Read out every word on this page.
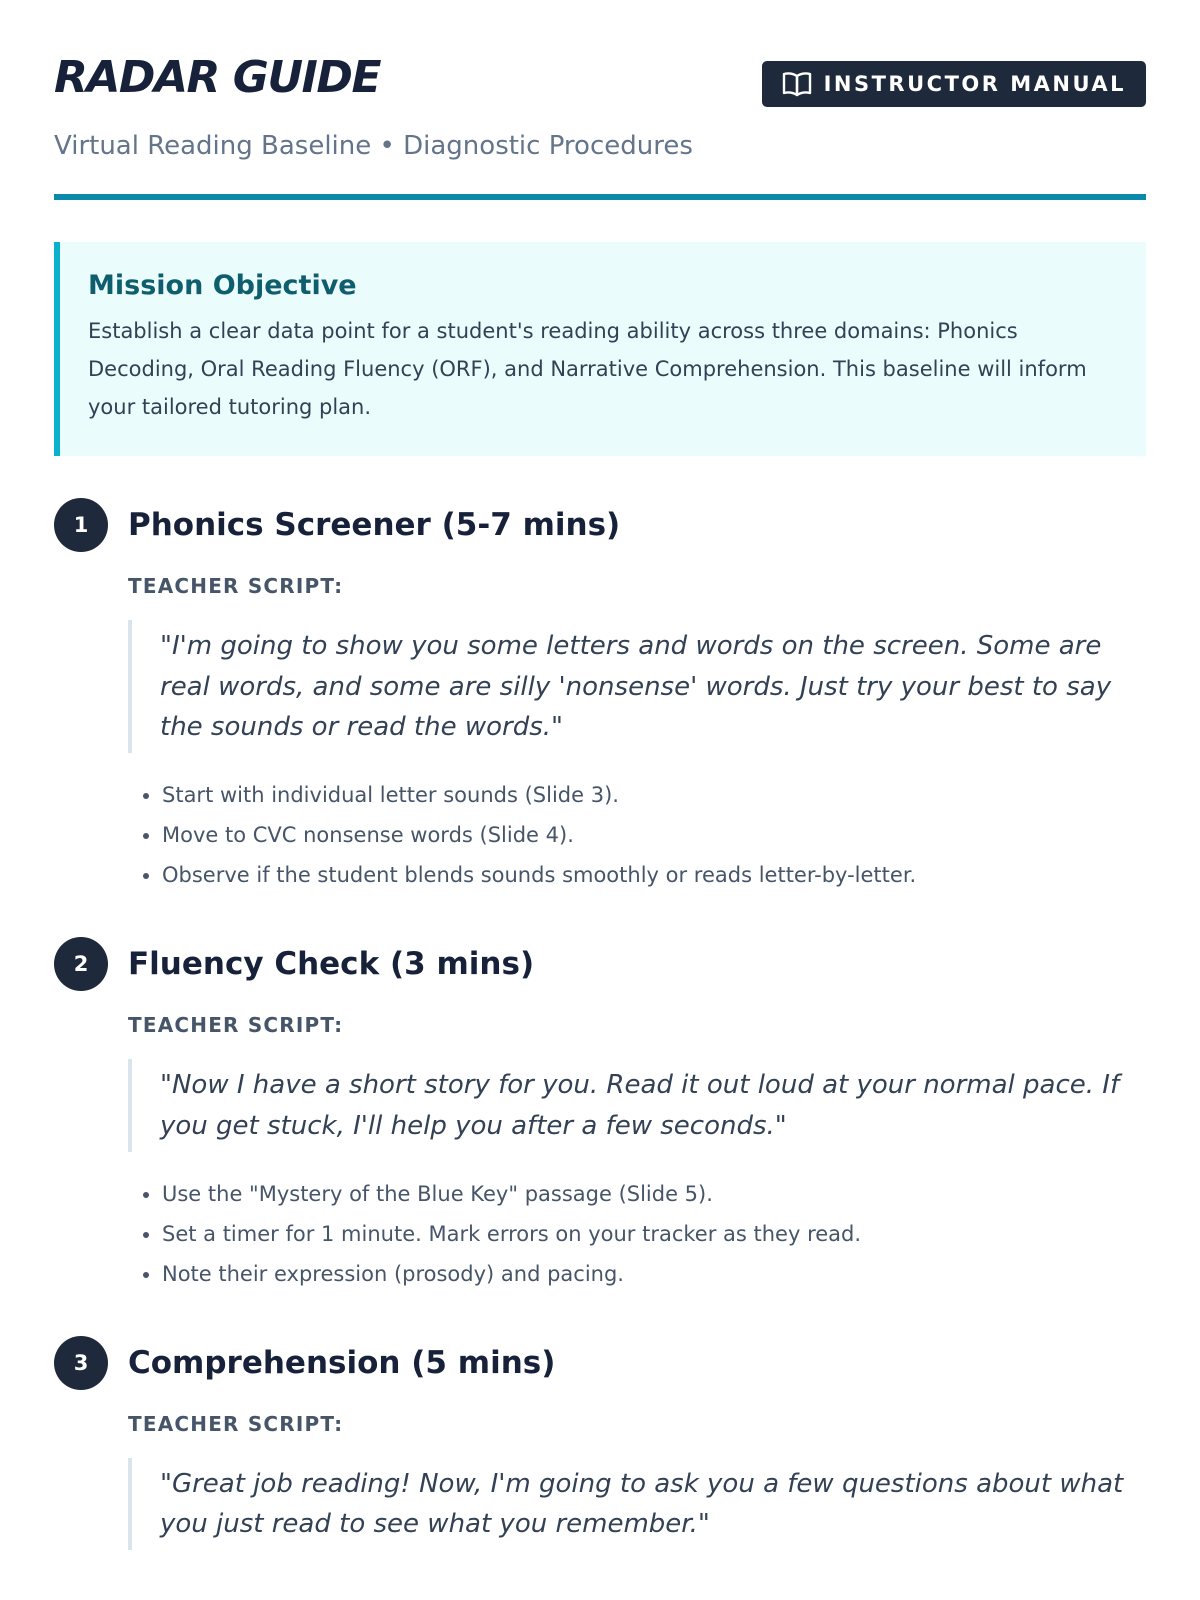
RADAR GUIDE	INSTRUCTOR MANUAL
Virtual Reading Baseline • Diagnostic Procedures
Mission Objective

Establish a clear data point for a student's reading ability across three domains: Phonics Decoding, Oral Reading Fluency (ORF), and Narrative Comprehension. This baseline will inform your tailored tutoring plan.

1	Phonics Screener (5-7 mins)
TEACHER SCRIPT:
"I'm going to show you some letters and words on the screen. Some are real words, and some are silly 'nonsense' words. Just try your best to say the sounds or read the words."
• Start with individual letter sounds (Slide 3).
• Move to CVC nonsense words (Slide 4).
• Observe if the student blends sounds smoothly or reads letter-by-letter.
2	Fluency Check (3 mins)
TEACHER SCRIPT:
"Now I have a short story for you. Read it out loud at your normal pace. If you get stuck, I'll help you after a few seconds."
• Use the "Mystery of the Blue Key" passage (Slide 5).
• Set a timer for 1 minute. Mark errors on your tracker as they read.
• Note their expression (prosody) and pacing.
3	Comprehension (5 mins)
TEACHER SCRIPT:
"Great job reading! Now, I'm going to ask you a few questions about what you just read to see what you remember."
